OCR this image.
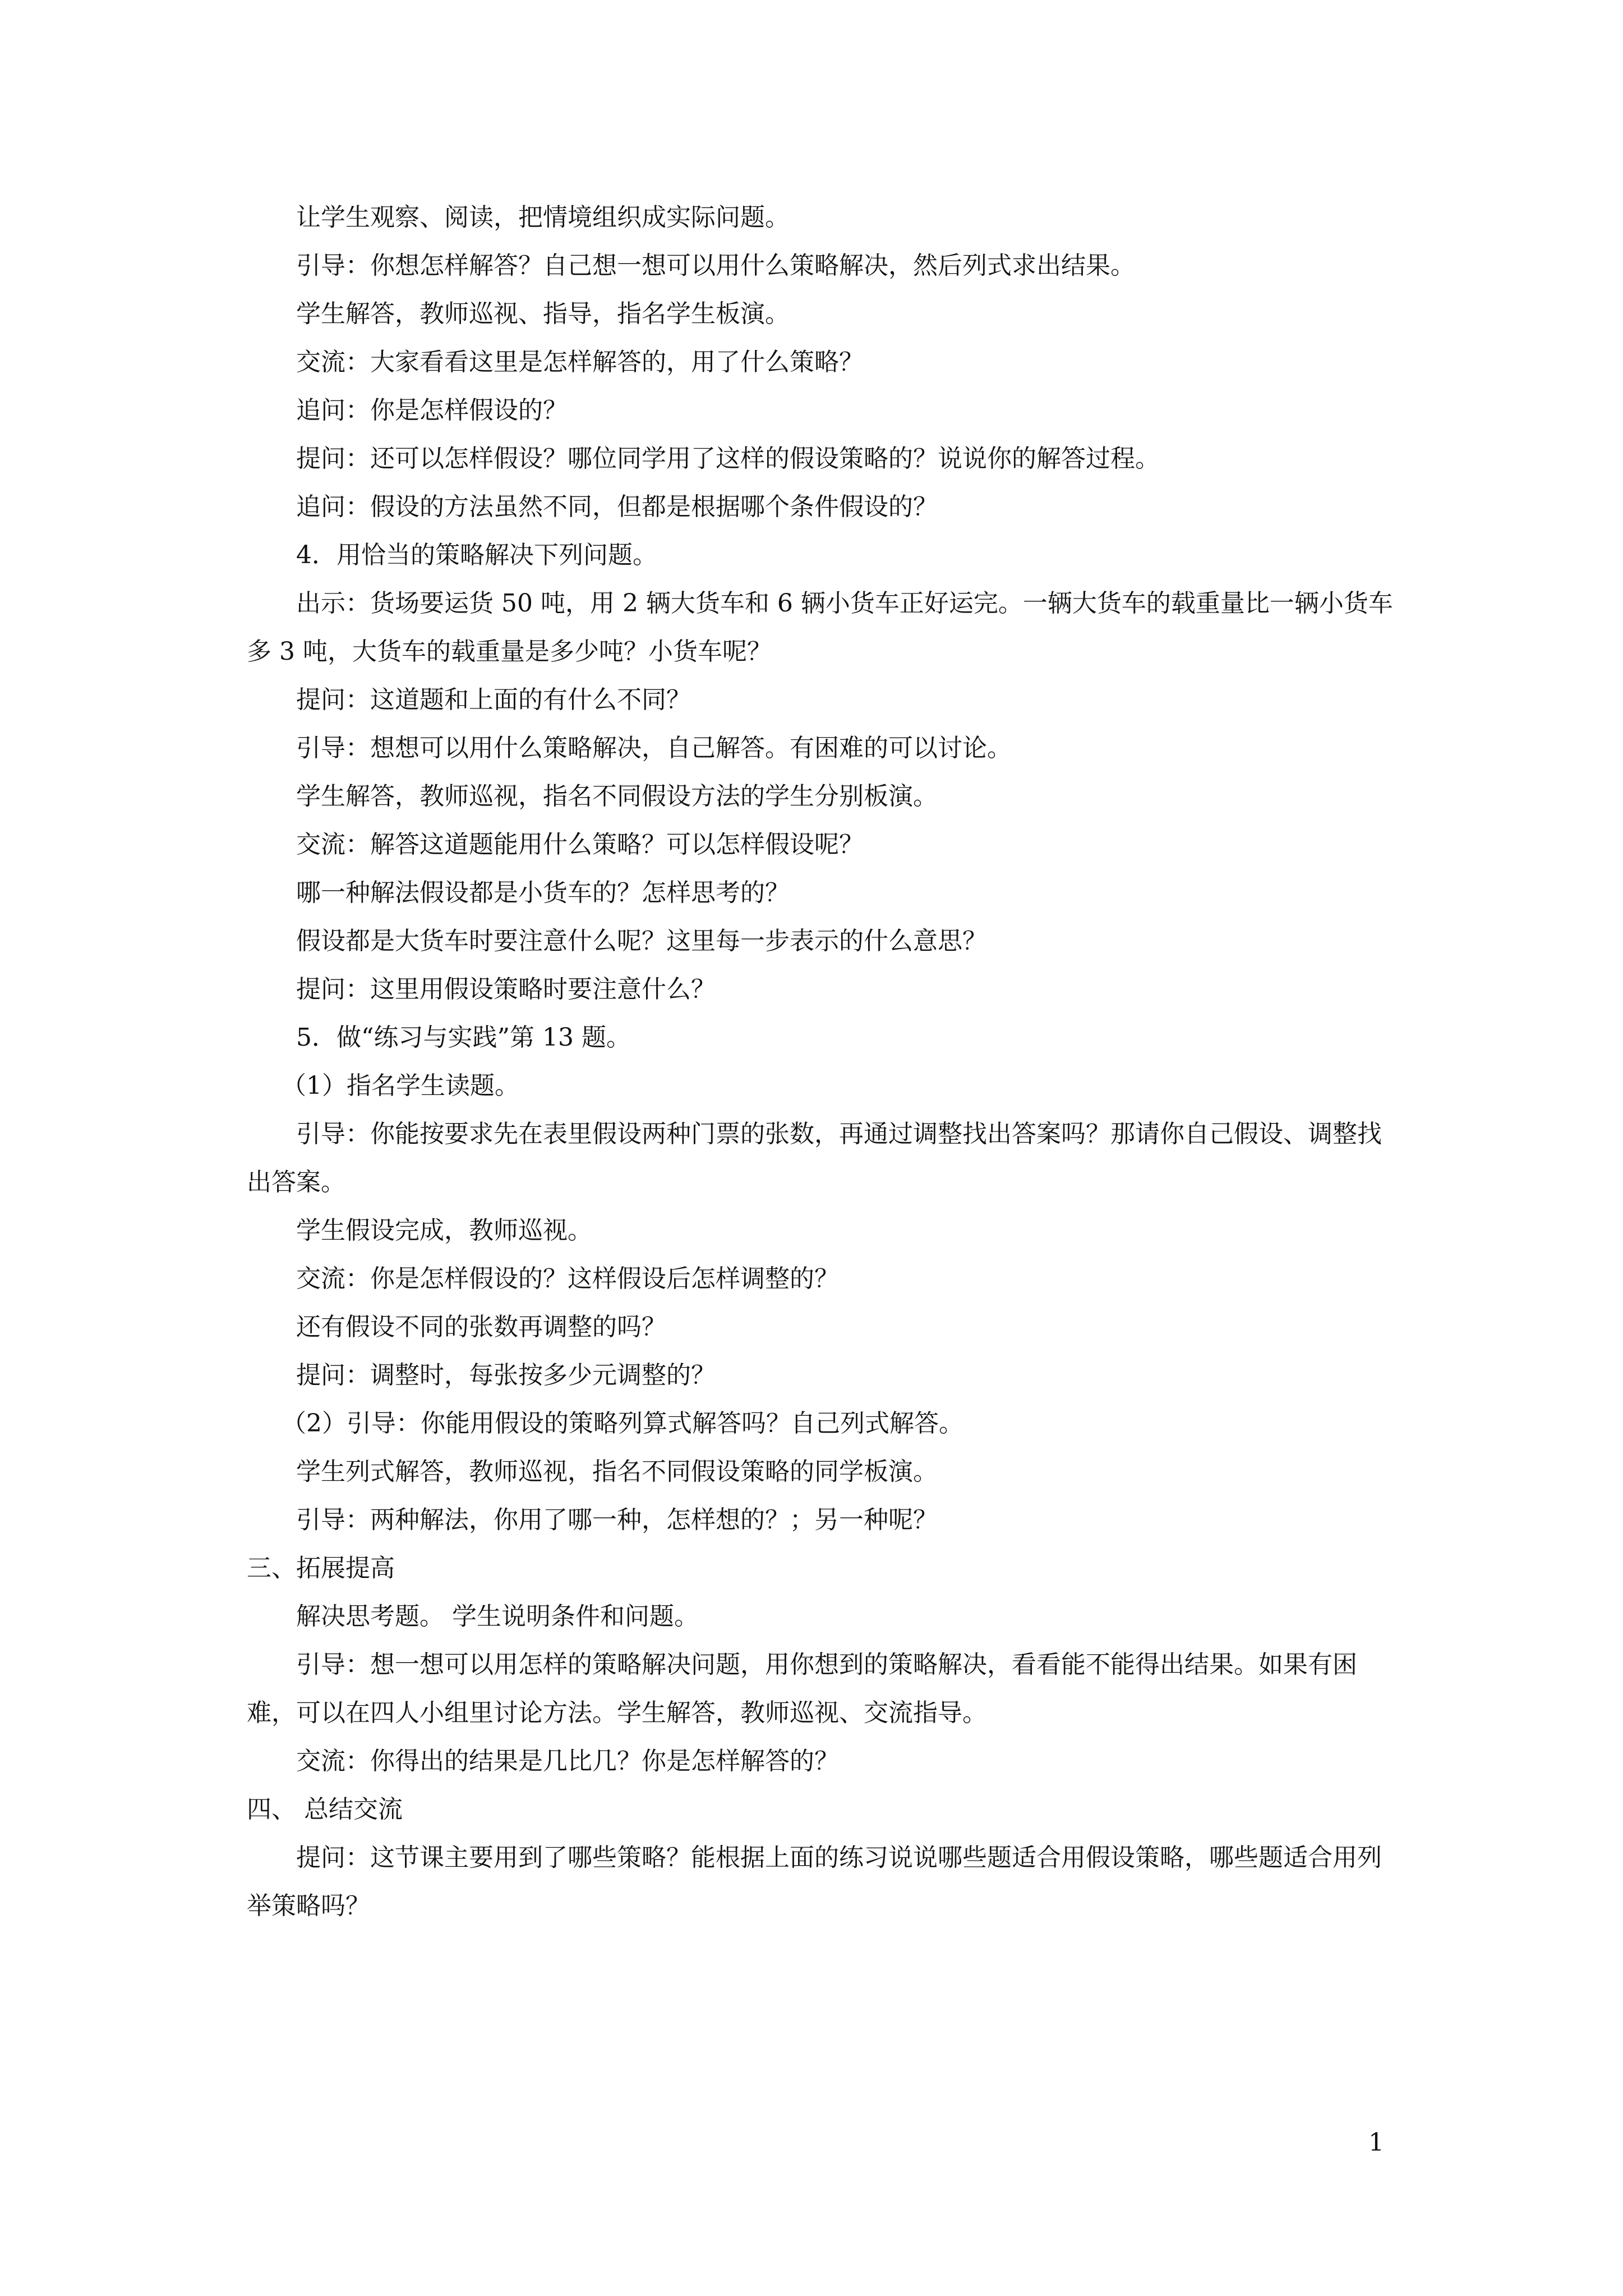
让学生观察、阅读，把情境组织成实际问题。

引导：你想怎样解答？自己想一想可以用什么策略解决，然后列式求出结果。

学生解答，教师巡视、指导，指名学生板演。

交流：大家看看这里是怎样解答的，用了什么策略？

追问：你是怎样假设的？

提问：还可以怎样假设？哪位同学用了这样的假设策略的？说说你的解答过程。

追问：假设的方法虽然不同，但都是根据哪个条件假设的？

4．用恰当的策略解决下列问题。

出示：货场要运货 50 吨，用 2 辆大货车和 6 辆小货车正好运完。一辆大货车的载重量比一辆小货车多 3 吨，大货车的载重量是多少吨？小货车呢？

提问：这道题和上面的有什么不同？

引导：想想可以用什么策略解决，自己解答。有困难的可以讨论。

学生解答，教师巡视，指名不同假设方法的学生分别板演。

交流：解答这道题能用什么策略？可以怎样假设呢？

哪一种解法假设都是小货车的？怎样思考的？

假设都是大货车时要注意什么呢？这里每一步表示的什么意思？

提问：这里用假设策略时要注意什么？

5．做“练习与实践”第 13 题。

（1）指名学生读题。

引导：你能按要求先在表里假设两种门票的张数，再通过调整找出答案吗？那请你自己假设、调整找出答案。

学生假设完成，教师巡视。

交流：你是怎样假设的？这样假设后怎样调整的？

还有假设不同的张数再调整的吗？

提问：调整时，每张按多少元调整的？

（2）引导：你能用假设的策略列算式解答吗？自己列式解答。

学生列式解答，教师巡视，指名不同假设策略的同学板演。

引导：两种解法，你用了哪一种，怎样想的？；另一种呢？

三、拓展提高

解决思考题。 学生说明条件和问题。

引导：想一想可以用怎样的策略解决问题，用你想到的策略解决，看看能不能得出结果。如果有困难，可以在四人小组里讨论方法。学生解答，教师巡视、交流指导。

交流：你得出的结果是几比几？你是怎样解答的？

四、 总结交流

提问：这节课主要用到了哪些策略？能根据上面的练习说说哪些题适合用假设策略，哪些题适合用列举策略吗？

1
